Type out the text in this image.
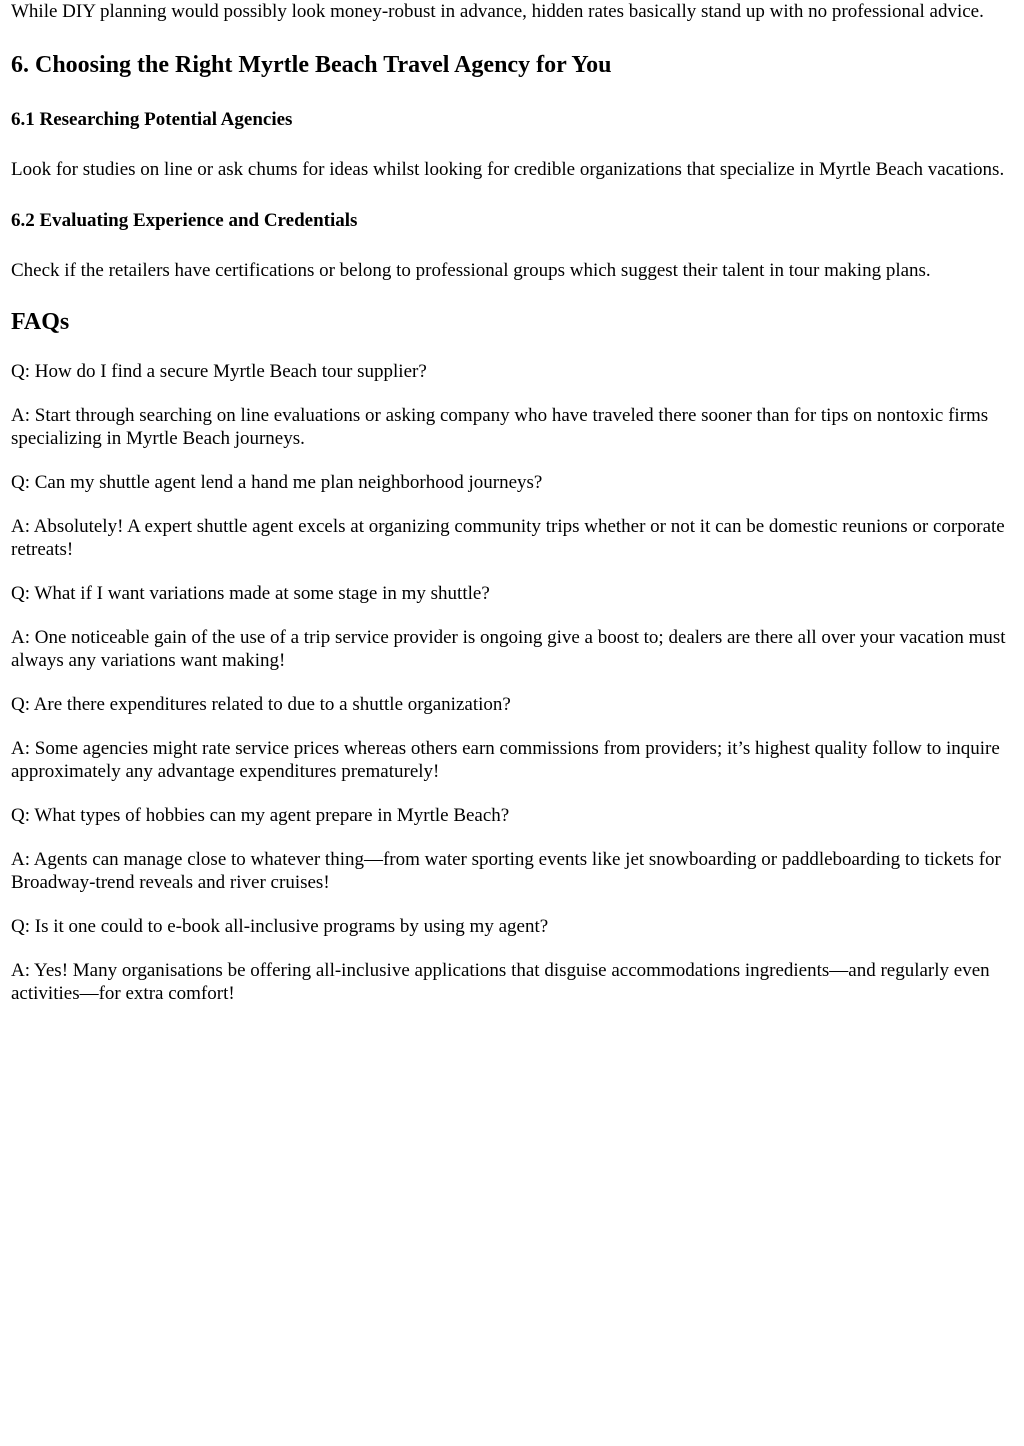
While DIY planning would possibly look money-robust in advance, hidden rates basically stand up with no professional advice.

6. Choosing the Right Myrtle Beach Travel Agency for You
6.1 Researching Potential Agencies

Look for studies on line or ask chums for ideas whilst looking for credible organizations that specialize in Myrtle Beach vacations.

6.2 Evaluating Experience and Credentials

Check if the retailers have certifications or belong to professional groups which suggest their talent in tour making plans.

FAQs

Q: How do I find a secure Myrtle Beach tour supplier?

A: Start through searching on line evaluations or asking company who have traveled there sooner than for tips on nontoxic firms specializing in Myrtle Beach journeys.

Q: Can my shuttle agent lend a hand me plan neighborhood journeys?

A: Absolutely! A expert shuttle agent excels at organizing community trips whether or not it can be domestic reunions or corporate retreats!

Q: What if I want variations made at some stage in my shuttle?

A: One noticeable gain of the use of a trip service provider is ongoing give a boost to; dealers are there all over your vacation must always any variations want making!

Q: Are there expenditures related to due to a shuttle organization?

A: Some agencies might rate service prices whereas others earn commissions from providers; it’s highest quality follow to inquire approximately any advantage expenditures prematurely!

Q: What types of hobbies can my agent prepare in Myrtle Beach?

A: Agents can manage close to whatever thing—from water sporting events like jet snowboarding or paddleboarding to tickets for Broadway-trend reveals and river cruises!

Q: Is it one could to e-book all-inclusive programs by using my agent?

A: Yes! Many organisations be offering all-inclusive applications that disguise accommodations ingredients—and regularly even activities—for extra comfort!
